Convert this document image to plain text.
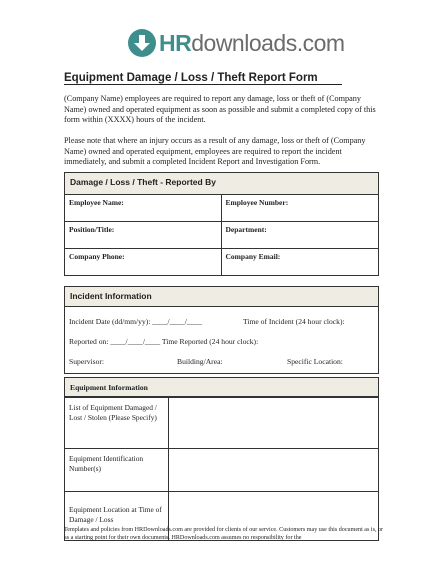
HRdownloads.com
Equipment Damage / Loss / Theft Report Form
(Company Name) employees are required to report any damage, loss or theft of (Company Name) owned and operated equipment as soon as possible and submit a completed copy of this form within (XXXX) hours of the incident.
Please note that where an injury occurs as a result of any damage, loss or theft of (Company Name) owned and operated equipment, employees are required to report the incident immediately, and submit a completed Incident Report and Investigation Form.
Damage / Loss / Theft - Reported By
Employee Name:	Employee Number:
Position/Title:	Department:
Company Phone:	Company Email:
Incident Information
Incident Date (dd/mm/yy): ____/____/____	Time of Incident (24 hour clock):
Reported on: ____/____/____ Time Reported (24 hour clock):
Supervisor:	Building/Area:	Specific Location:
Equipment Information
List of Equipment Damaged / Lost / Stolen (Please Specify)
Equipment Identification Number(s)
Equipment Location at Time of Damage / Loss
Templates and policies from HRDownloads.com are provided for clients of our service. Customers may use this document as is, or as a starting point for their own documents. HRDownloads.com assumes no responsibility for the
